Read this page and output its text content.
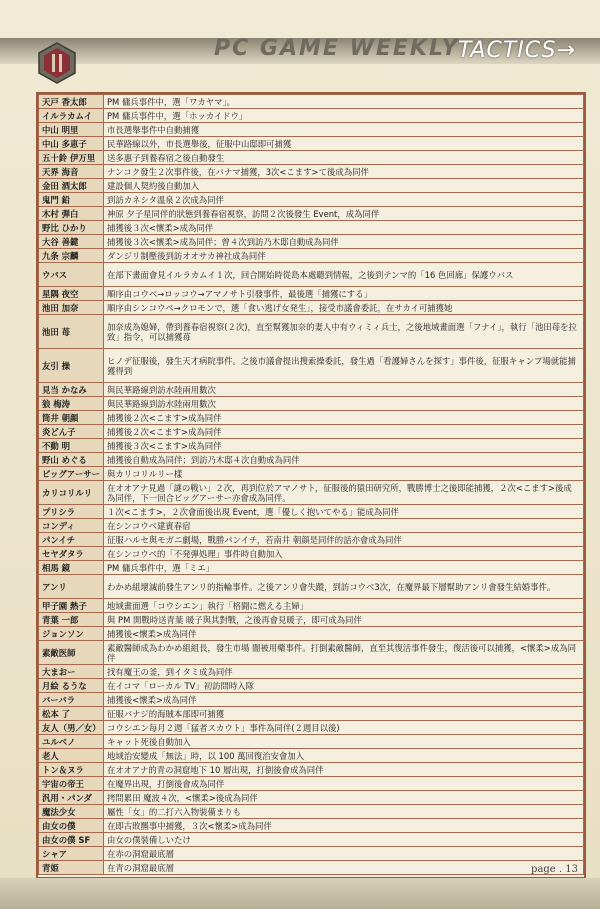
PC GAME WEEKLY
TACTICS→
天戸 香太郎	PM 傭兵事件中，選「ワカヤマ」。
イルラカムイ	PM 傭兵事件中，選「ホッカイドウ」
中山 明里	市長選舉事件中自動捕獲
中山 多恵子	民華路線以外，市長選舉後，征服中山邸即可捕獲
五十鈴 伊万里	送多惠子到養春宿之後自動發生
天界 海音	ナンコク發生２次事件後，在バナマ捕獲，3次<こます>て後成為同伴
金田 酒太郎	建設個人契約後自動加入
鬼門 鉛	到訪カネシタ溫泉２次成為同伴
木村 弾白	神原 夕子星同伴的狀態到養春宿視察，訪問２次後發生 Event，成為同伴
野比 ひかり	捕獲後３次<懷柔>成為同伴
大谷 善鍵	捕獲後３次<懷柔>成為同伴；曾４次到訪乃木邸自動成為同伴
九条 宗麟	ダンジリ制壓後到訪オオサカ神社成為同伴
ウバス	在部下畫面會見イルラカムイ１次，回合開始時從島本處聽到情報，之後到テンマ的「16 色回廊」保護ウバス
星隅 夜空	順序由コウベ→ロッコウ→アマノサト引發事件，最後選「捕獲にする」
池田 加奈	順序由シンコウベ→クロモンで，選「食い逃げ女発生」，接受市議會委託，在サカイ可捕獲她
池田 苺	加奈成為媳婦，帶到養春宿視察(２次)，直至幫獲加奈的妻人中有ウィミィ兵士，之後地域畫面選「フナイ」，執行「池田苺を拉致」指令，可以捕獲苺
友引 操	ヒノデ征服後，發生天才病院事件。之後市議會提出搜索操委託，發生過「看護婦さんを探す」事件後，征服キャンプ場就能捕獲得到
見当 かなみ	與民華路線到訪水陸兩用數次
狼 梅涛	與民華路線到訪水陸兩用數次
筒井 朝顔	捕獲後２次<こます>成為同伴
炎どん子	捕獲後２次<こます>成為同伴
不動 明	捕獲後３次<こます>成為同伴
野山 めぐる	捕獲後自動成為同伴；到訪乃木邸４次自動成為同伴
ビッグアーサー	與カリコリルリー樣
カリコリルリ	在オオアナ見過「謎の戦い」２次，再到位於アマノサト，征服後的猿田研究所，戰勝博士之後即能捕獲，２次<こます>後成為同伴，下一回合ビッグアーサー亦會成為同伴。
プリシラ	１次<こます>，２次會面後出現 Event，選「優しく抱いてやる」能成為同伴
コンディ	在シンコウベ建賓春宿
パンイチ	征服ハルセ與モガニ劇場，戰勝パンイチ，若南井 朝顔是同伴的話亦會成為同伴
セヤダタラ	在シンコウベ的「不発弾処理」事件時自動加入
相馬 鏡	PM 傭兵事件中，選「ミエ」
アンリ	わかめ組壞滅前發生アンリ的指輪事件。之後アンリ會失蹤，到訪コウベ3次，在魔界最下層幫助アンリ會發生結婚事件。
甲子園 熱子	地域畫面選「コウシエン」執行「格闘に燃える主婦」
青葉 一郎	與 PM 開戰時送青葉 暖子與其對戰，之後再會見暖子，即可成為同伴
ジョンソン	捕獲後<懷柔>成為同伴
素敵医師	素敵醫師成為わかめ組組長，發生市場 闇被用藥事件。打倒素敵醫師，直至其復活事件發生，復活後可以捕獲，<懷柔>成為同伴
大まおー	找有魔王の釜，到イタミ成為同伴
月絵 るうな	在イコマ「ローカル TV」初訪問時入隊
バーバラ	捕獲後<懷柔>成為同伴
松本 了	征服バナジ的海賊本部即可捕獲
友人（男／女）	コウシエン每月２週「猛者スカウト」事件為同伴(２週目以後)
ユルベノ	キャット死後自動加入
老人	地域治安變成「無法」時，以 100 萬回復治安會加入
トン＆ヌラ	在オオアナ的青の洞窟地下 10 層出現，打倒後會成為同伴
宇宙の帝王	在魔界出現，打倒後會成為同伴
汎用・パンダ	拷問累田 魔波４次，<懷柔>後成為同伴
魔法少女	屬性「女」的二打六入物裝備まりも
由女の僕	在即古敗羆事中捕獲，３次<懷柔>成為同伴
由女の僕 SF	由女の僕裝備しいたけ
シャア	在赤の洞窟最底層
青姫	在青の洞窟最底層	page . 13
